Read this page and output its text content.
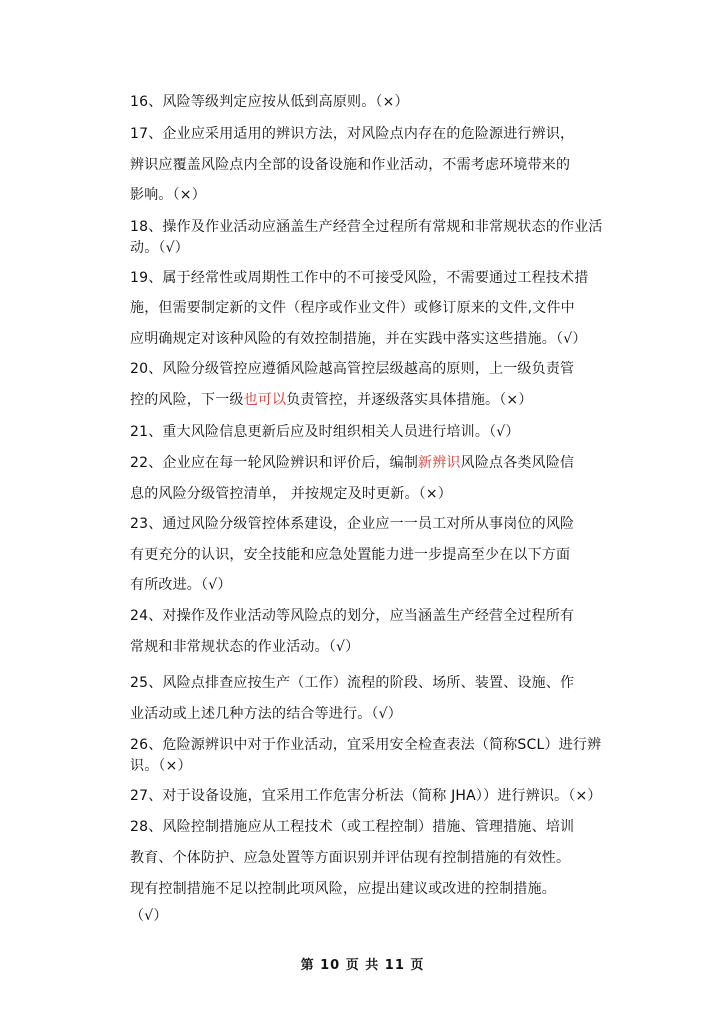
16、风险等级判定应按从低到高原则。（×）
17、企业应采用适用的辨识方法，对风险点内存在的危险源进行辨识，
辨识应覆盖风险点内全部的设备设施和作业活动，不需考虑环境带来的
影响。（×）
18、操作及作业活动应涵盖生产经营全过程所有常规和非常规状态的作业活
动。（√）
19、属于经常性或周期性工作中的不可接受风险，不需要通过工程技术措
施，但需要制定新的文件（程序或作业文件）或修订原来的文件,文件中
应明确规定对该种风险的有效控制措施，并在实践中落实这些措施。（√）
20、风险分级管控应遵循风险越高管控层级越高的原则，上一级负责管
控的风险，下一级也可以负责管控，并逐级落实具体措施。（×）
21、重大风险信息更新后应及时组织相关人员进行培训。（√）
22、企业应在每一轮风险辨识和评价后，编制新辨识风险点各类风险信
息的风险分级管控清单， 并按规定及时更新。（×）
23、通过风险分级管控体系建设，企业应一一员工对所从事岗位的风险
有更充分的认识，安全技能和应急处置能力进一步提高至少在以下方面
有所改进。（√）
24、对操作及作业活动等风险点的划分，应当涵盖生产经营全过程所有
常规和非常规状态的作业活动。（√）
25、风险点排查应按生产（工作）流程的阶段、场所、装置、设施、作
业活动或上述几种方法的结合等进行。（√）
26、危险源辨识中对于作业活动，宜采用安全检查表法（简称SCL）进行辨
识。（×）
27、对于设备设施，宜采用工作危害分析法（简称 JHA））进行辨识。（×）
28、风险控制措施应从工程技术（或工程控制）措施、管理措施、培训
教育、个体防护、应急处置等方面识别并评估现有控制措施的有效性。
现有控制措施不足以控制此项风险，应提出建议或改进的控制措施。
（√）
第 10 页 共 11 页
